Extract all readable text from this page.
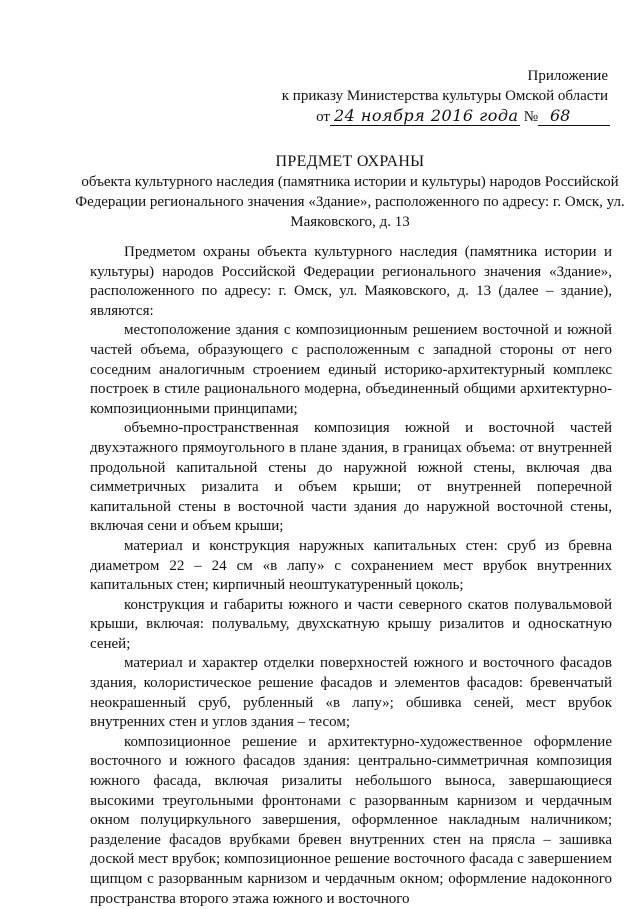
Приложение
к приказу Министерства культуры Омской области
от 24 ноября 2016 года № 68
ПРЕДМЕТ ОХРАНЫ
объекта культурного наследия (памятника истории и культуры) народов Российской Федерации регионального значения «Здание», расположенного по адресу: г. Омск, ул. Маяковского, д. 13

Предметом охраны объекта культурного наследия (памятника истории и культуры) народов Российской Федерации регионального значения «Здание», расположенного по адресу: г. Омск, ул. Маяковского, д. 13 (далее – здание), являются:

местоположение здания с композиционным решением восточной и южной частей объема, образующего с расположенным с западной стороны от него соседним аналогичным строением единый историко-архитектурный комплекс построек в стиле рационального модерна, объединенный общими архитектурно-композиционными принципами;

объемно-пространственная композиция южной и восточной частей двухэтажного прямоугольного в плане здания, в границах объема: от внутренней продольной капитальной стены до наружной южной стены, включая два симметричных ризалита и объем крыши; от внутренней поперечной капитальной стены в восточной части здания до наружной восточной стены, включая сени и объем крыши;

материал и конструкция наружных капитальных стен: сруб из бревна диаметром 22 – 24 см «в лапу» с сохранением мест врубок внутренних капитальных стен; кирпичный неоштукатуренный цоколь;

конструкция и габариты южного и части северного скатов полувальмовой крыши, включая: полувальму, двухскатную крышу ризалитов и односкатную сеней;

материал и характер отделки поверхностей южного и восточного фасадов здания, колористическое решение фасадов и элементов фасадов: бревенчатый неокрашенный сруб, рубленный «в лапу»; обшивка сеней, мест врубок внутренних стен и углов здания – тесом;

композиционное решение и архитектурно-художественное оформление восточного и южного фасадов здания: центрально-симметричная композиция южного фасада, включая ризалиты небольшого выноса, завершающиеся высокими треугольными фронтонами с разорванным карнизом и чердачным окном полуциркульного завершения, оформленное накладным наличником; разделение фасадов врубками бревен внутренних стен на прясла – зашивка доской мест врубок; композиционное решение восточного фасада с завершением щипцом с разорванным карнизом и чердачным окном; оформление надоконного пространства второго этажа южного и восточного
